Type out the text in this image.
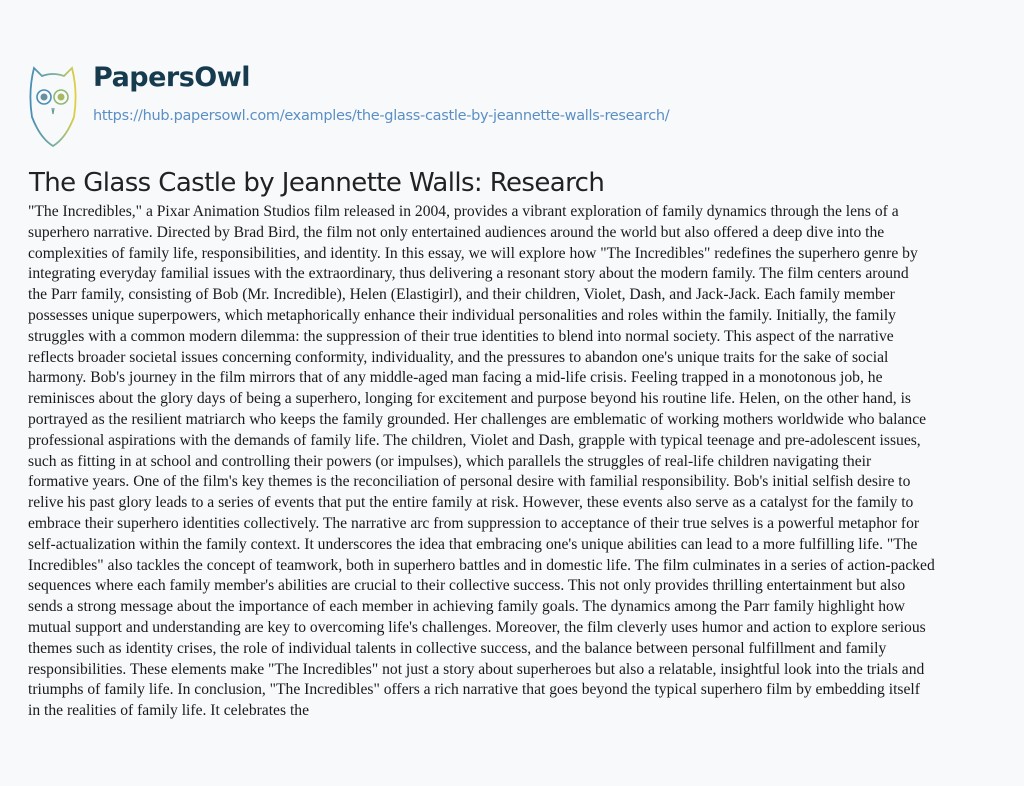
PapersOwl
https://hub.papersowl.com/examples/the-glass-castle-by-jeannette-walls-research/
The Glass Castle by Jeannette Walls: Research
"The Incredibles," a Pixar Animation Studios film released in 2004, provides a vibrant exploration of family dynamics through the lens of a
superhero narrative. Directed by Brad Bird, the film not only entertained audiences around the world but also offered a deep dive into the
complexities of family life, responsibilities, and identity. In this essay, we will explore how "The Incredibles" redefines the superhero genre by
integrating everyday familial issues with the extraordinary, thus delivering a resonant story about the modern family. The film centers around
the Parr family, consisting of Bob (Mr. Incredible), Helen (Elastigirl), and their children, Violet, Dash, and Jack-Jack. Each family member
possesses unique superpowers, which metaphorically enhance their individual personalities and roles within the family. Initially, the family
struggles with a common modern dilemma: the suppression of their true identities to blend into normal society. This aspect of the narrative
reflects broader societal issues concerning conformity, individuality, and the pressures to abandon one's unique traits for the sake of social
harmony. Bob's journey in the film mirrors that of any middle-aged man facing a mid-life crisis. Feeling trapped in a monotonous job, he
reminisces about the glory days of being a superhero, longing for excitement and purpose beyond his routine life. Helen, on the other hand, is
portrayed as the resilient matriarch who keeps the family grounded. Her challenges are emblematic of working mothers worldwide who balance
professional aspirations with the demands of family life. The children, Violet and Dash, grapple with typical teenage and pre-adolescent issues,
such as fitting in at school and controlling their powers (or impulses), which parallels the struggles of real-life children navigating their
formative years. One of the film's key themes is the reconciliation of personal desire with familial responsibility. Bob's initial selfish desire to
relive his past glory leads to a series of events that put the entire family at risk. However, these events also serve as a catalyst for the family to
embrace their superhero identities collectively. The narrative arc from suppression to acceptance of their true selves is a powerful metaphor for
self-actualization within the family context. It underscores the idea that embracing one's unique abilities can lead to a more fulfilling life. "The
Incredibles" also tackles the concept of teamwork, both in superhero battles and in domestic life. The film culminates in a series of action-packed
sequences where each family member's abilities are crucial to their collective success. This not only provides thrilling entertainment but also
sends a strong message about the importance of each member in achieving family goals. The dynamics among the Parr family highlight how
mutual support and understanding are key to overcoming life's challenges. Moreover, the film cleverly uses humor and action to explore serious
themes such as identity crises, the role of individual talents in collective success, and the balance between personal fulfillment and family
responsibilities. These elements make "The Incredibles" not just a story about superheroes but also a relatable, insightful look into the trials and
triumphs of family life. In conclusion, "The Incredibles" offers a rich narrative that goes beyond the typical superhero film by embedding itself
in the realities of family life. It celebrates the
